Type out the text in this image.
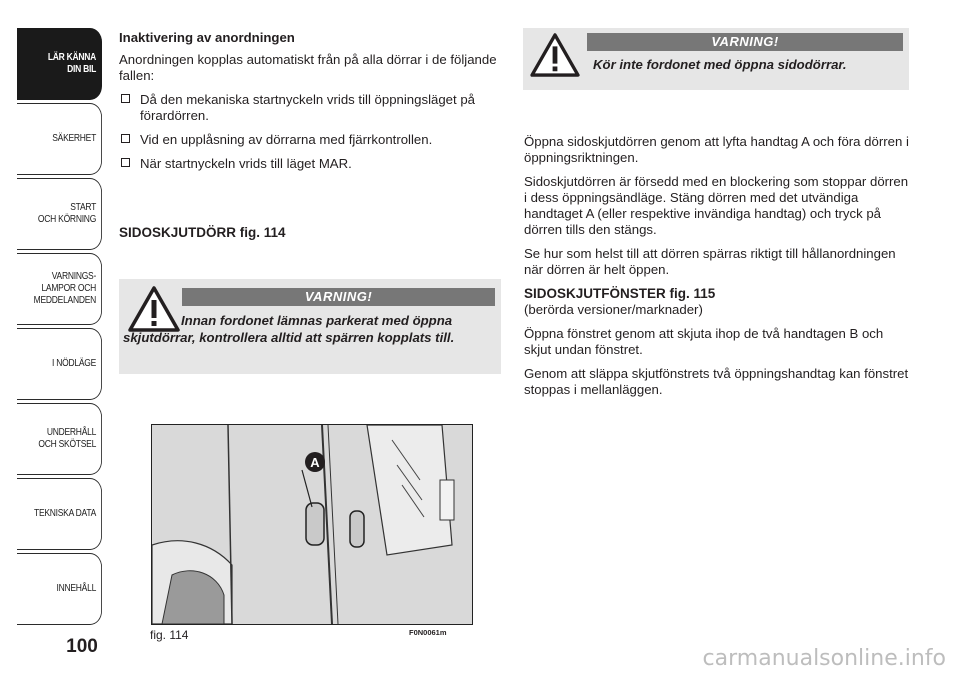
LÄR KÄNNA
DIN BIL
SÄKERHET
START
OCH KÖRNING
VARNINGS-
LAMPOR OCH
MEDDELANDEN
I NÖDLÄGE
UNDERHÅLL
OCH SKÖTSEL
TEKNISKA DATA
INNEHÅLL
100

Inaktivering av anordningen

Anordningen kopplas automatiskt från på alla dörrar i de följande fallen:

Då den mekaniska startnyckeln vrids till öppningsläget på förardörren.
Vid en upplåsning av dörrarna med fjärrkontrollen.
När startnyckeln vrids till läget MAR.
SIDOSKJUTDÖRR fig. 114
VARNING!
Innan fordonet lämnas parkerat med öppna skjutdörrar, kontrollera alltid att spärren kopplats till.
A
fig. 114	F0N0061m
VARNING!
Kör inte fordonet med öppna sidodörrar.

Öppna sidoskjutdörren genom att lyfta handtag A och föra dörren i öppningsriktningen.

Sidoskjutdörren är försedd med en blockering som stoppar dörren i dess öppningsändläge. Stäng dörren med det utvändiga handtaget A (eller respektive invändiga handtag) och tryck på dörren tills den stängs.

Se hur som helst till att dörren spärras riktigt till hållanordningen när dörren är helt öppen.

SIDOSKJUTFÖNSTER fig. 115

(berörda versioner/marknader)

Öppna fönstret genom att skjuta ihop de två handtagen B och skjut undan fönstret.

Genom att släppa skjutfönstrets två öppningshandtag kan fönstret stoppas i mellanläggen.

carmanualsonline.info
